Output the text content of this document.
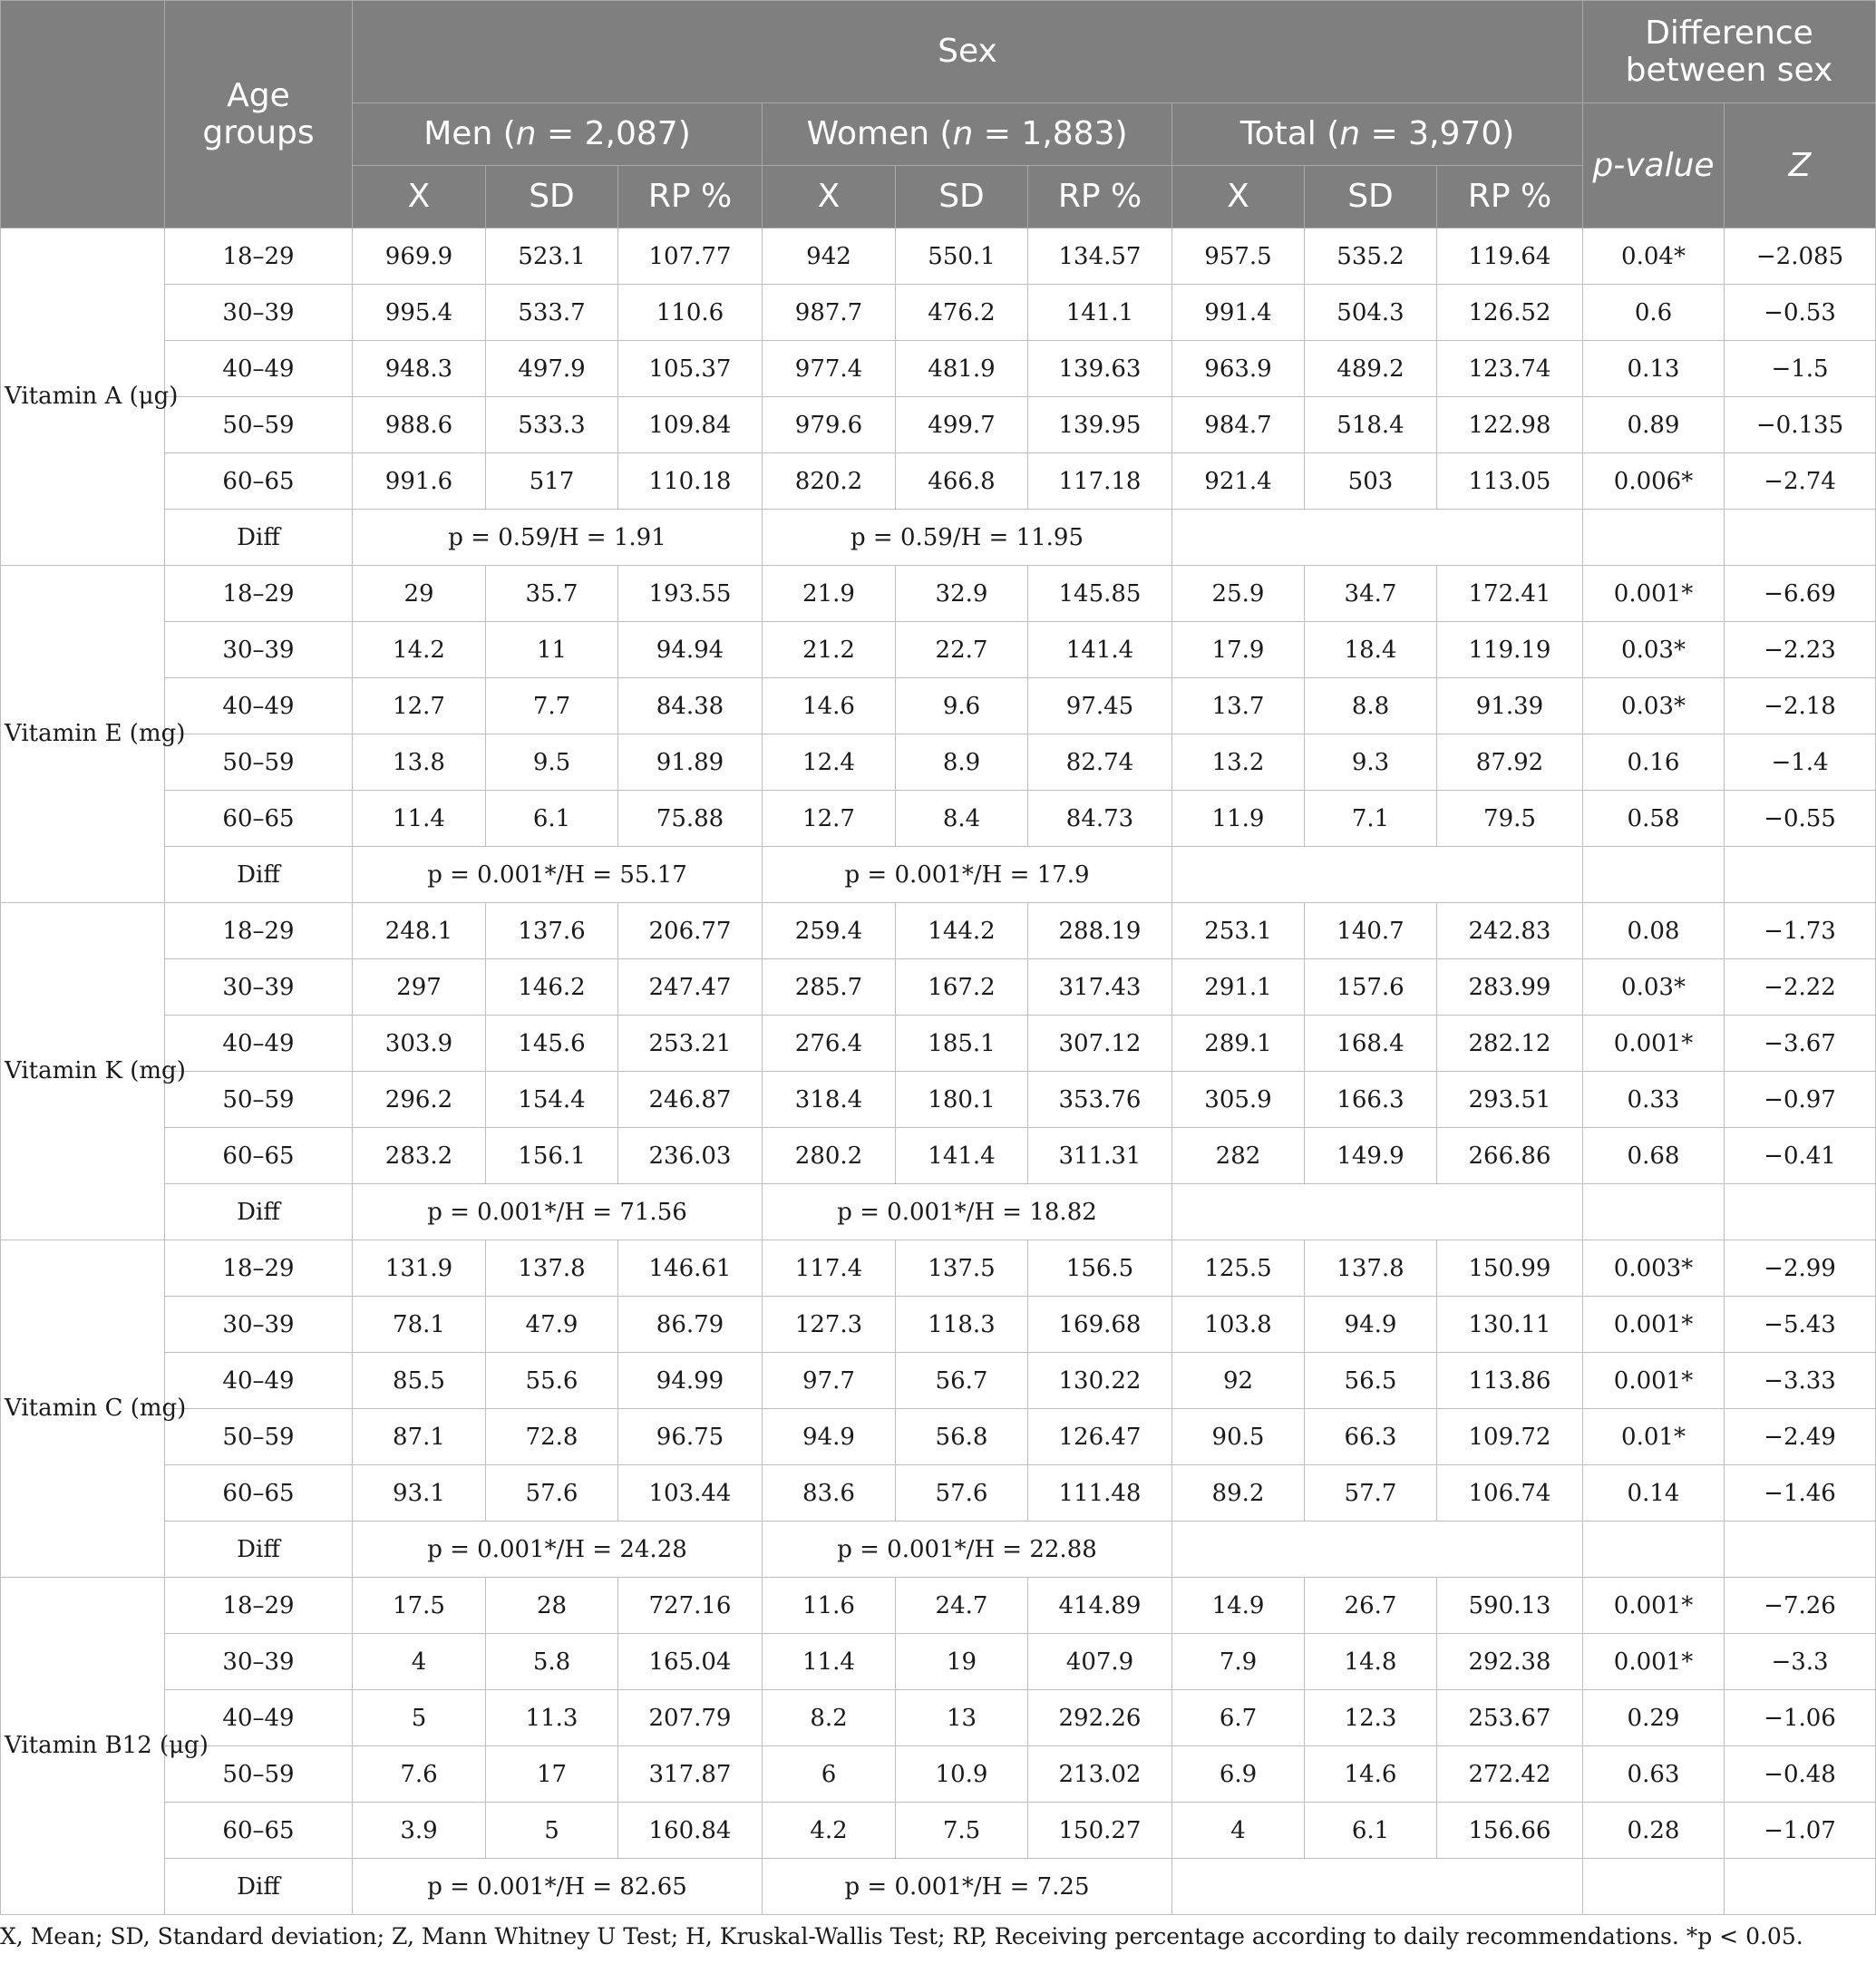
	Age groups	Sex									Difference between sex	
		Men (n = 2,087)			Women (n = 1,883)			Total (n = 3,970)			p-value	Z
		X	SD	RP %	X	SD	RP %	X	SD	RP %		
Vitamin A (μg)	18–29	969.9	523.1	107.77	942	550.1	134.57	957.5	535.2	119.64	0.04*	−2.085
	30–39	995.4	533.7	110.6	987.7	476.2	141.1	991.4	504.3	126.52	0.6	−0.53
	40–49	948.3	497.9	105.37	977.4	481.9	139.63	963.9	489.2	123.74	0.13	−1.5
	50–59	988.6	533.3	109.84	979.6	499.7	139.95	984.7	518.4	122.98	0.89	−0.135
	60–65	991.6	517	110.18	820.2	466.8	117.18	921.4	503	113.05	0.006*	−2.74
	Diff	p = 0.59/H = 1.91			p = 0.59/H = 11.95							
Vitamin E (mg)	18–29	29	35.7	193.55	21.9	32.9	145.85	25.9	34.7	172.41	0.001*	−6.69
	30–39	14.2	11	94.94	21.2	22.7	141.4	17.9	18.4	119.19	0.03*	−2.23
	40–49	12.7	7.7	84.38	14.6	9.6	97.45	13.7	8.8	91.39	0.03*	−2.18
	50–59	13.8	9.5	91.89	12.4	8.9	82.74	13.2	9.3	87.92	0.16	−1.4
	60–65	11.4	6.1	75.88	12.7	8.4	84.73	11.9	7.1	79.5	0.58	−0.55
	Diff	p = 0.001*/H = 55.17			p = 0.001*/H = 17.9							
Vitamin K (mg)	18–29	248.1	137.6	206.77	259.4	144.2	288.19	253.1	140.7	242.83	0.08	−1.73
	30–39	297	146.2	247.47	285.7	167.2	317.43	291.1	157.6	283.99	0.03*	−2.22
	40–49	303.9	145.6	253.21	276.4	185.1	307.12	289.1	168.4	282.12	0.001*	−3.67
	50–59	296.2	154.4	246.87	318.4	180.1	353.76	305.9	166.3	293.51	0.33	−0.97
	60–65	283.2	156.1	236.03	280.2	141.4	311.31	282	149.9	266.86	0.68	−0.41
	Diff	p = 0.001*/H = 71.56			p = 0.001*/H = 18.82							
Vitamin C (mg)	18–29	131.9	137.8	146.61	117.4	137.5	156.5	125.5	137.8	150.99	0.003*	−2.99
	30–39	78.1	47.9	86.79	127.3	118.3	169.68	103.8	94.9	130.11	0.001*	−5.43
	40–49	85.5	55.6	94.99	97.7	56.7	130.22	92	56.5	113.86	0.001*	−3.33
	50–59	87.1	72.8	96.75	94.9	56.8	126.47	90.5	66.3	109.72	0.01*	−2.49
	60–65	93.1	57.6	103.44	83.6	57.6	111.48	89.2	57.7	106.74	0.14	−1.46
	Diff	p = 0.001*/H = 24.28			p = 0.001*/H = 22.88							
Vitamin B12 (μg)	18–29	17.5	28	727.16	11.6	24.7	414.89	14.9	26.7	590.13	0.001*	−7.26
	30–39	4	5.8	165.04	11.4	19	407.9	7.9	14.8	292.38	0.001*	−3.3
	40–49	5	11.3	207.79	8.2	13	292.26	6.7	12.3	253.67	0.29	−1.06
	50–59	7.6	17	317.87	6	10.9	213.02	6.9	14.6	272.42	0.63	−0.48
	60–65	3.9	5	160.84	4.2	7.5	150.27	4	6.1	156.66	0.28	−1.07
	Diff	p = 0.001*/H = 82.65			p = 0.001*/H = 7.25							
X, Mean; SD, Standard deviation; Z, Mann Whitney U Test; H, Kruskal-Wallis Test; RP, Receiving percentage according to daily recommendations. *p < 0.05.
